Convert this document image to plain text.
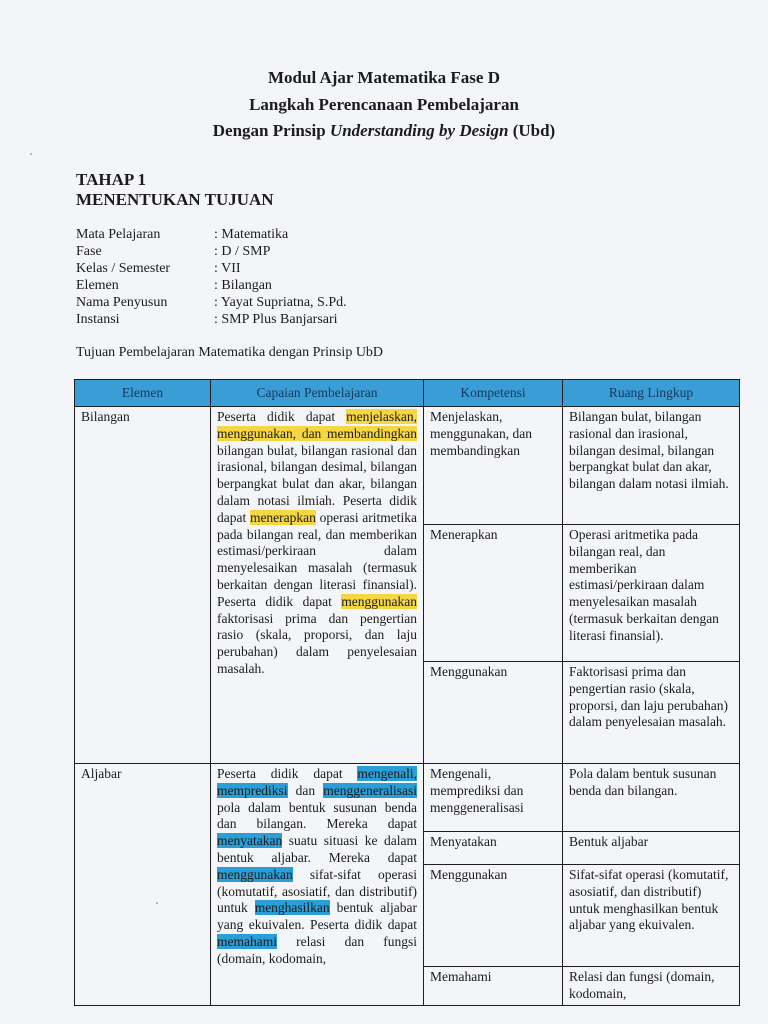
Modul Ajar Matematika Fase D
Langkah Perencanaan Pembelajaran
Dengan Prinsip Understanding by Design (Ubd)
TAHAP 1
MENENTUKAN TUJUAN
Mata Pelajaran	: Matematika
Fase	: D / SMP
Kelas / Semester	: VII
Elemen	: Bilangan
Nama Penyusun	: Yayat Supriatna, S.Pd.
Instansi	: SMP Plus Banjarsari
Tujuan Pembelajaran Matematika dengan Prinsip UbD
Elemen	Capaian Pembelajaran	Kompetensi	Ruang Lingkup
Bilangan	Peserta didik dapat menjelaskan, menggunakan, dan membandingkan bilangan bulat, bilangan rasional dan irasional, bilangan desimal, bilangan berpangkat bulat dan akar, bilangan dalam notasi ilmiah. Peserta didik dapat menerapkan operasi aritmetika pada bilangan real, dan memberikan estimasi/perkiraan dalam menyelesaikan masalah (termasuk berkaitan dengan literasi finansial). Peserta didik dapat menggunakan faktorisasi prima dan pengertian rasio (skala, proporsi, dan laju perubahan) dalam penyelesaian masalah.	Menjelaskan, menggunakan, dan membandingkan	Bilangan bulat, bilangan rasional dan irasional, bilangan desimal, bilangan berpangkat bulat dan akar, bilangan dalam notasi ilmiah.
		Menerapkan	Operasi aritmetika pada bilangan real, dan memberikan estimasi/perkiraan dalam menyelesaikan masalah (termasuk berkaitan dengan literasi finansial).
		Menggunakan	Faktorisasi prima dan pengertian rasio (skala, proporsi, dan laju perubahan) dalam penyelesaian masalah.
Aljabar	Peserta didik dapat mengenali, memprediksi dan menggeneralisasi pola dalam bentuk susunan benda dan bilangan. Mereka dapat menyatakan suatu situasi ke dalam bentuk aljabar. Mereka dapat menggunakan sifat-sifat operasi (komutatif, asosiatif, dan distributif) untuk menghasilkan bentuk aljabar yang ekuivalen. Peserta didik dapat memahami relasi dan fungsi (domain, kodomain,	Mengenali, memprediksi dan menggeneralisasi	Pola dalam bentuk susunan benda dan bilangan.
		Menyatakan	Bentuk aljabar
		Menggunakan	Sifat-sifat operasi (komutatif, asosiatif, dan distributif) untuk menghasilkan bentuk aljabar yang ekuivalen.
		Memahami	Relasi dan fungsi (domain, kodomain,
